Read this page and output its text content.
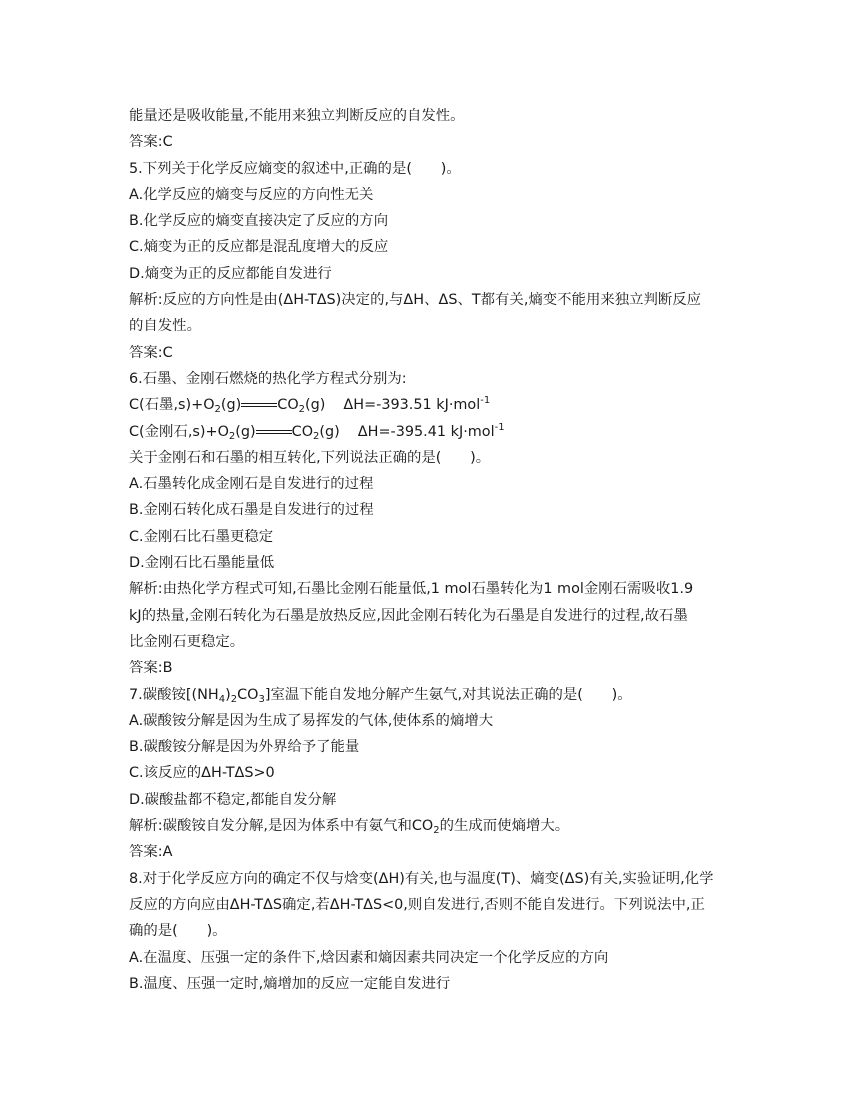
能量还是吸收能量,不能用来独立判断反应的自发性。
答案:C
5.下列关于化学反应熵变的叙述中,正确的是(　　)。
A.化学反应的熵变与反应的方向性无关
B.化学反应的熵变直接决定了反应的方向
C.熵变为正的反应都是混乱度增大的反应
D.熵变为正的反应都能自发进行
解析:反应的方向性是由(ΔH-TΔS)决定的,与ΔH、ΔS、T都有关,熵变不能用来独立判断反应
的自发性。
答案:C
6.石墨、金刚石燃烧的热化学方程式分别为:
C(石墨$,s)+O_2(g)$	$CO_2(g)$ ΔH=-393.51 kJ·mol$^{-1}$
C(金刚石$,s)+O_2(g)$	$CO_2(g)$ ΔH=-395.41 kJ·mol$^{-1}$
关于金刚石和石墨的相互转化,下列说法正确的是(　　)。
A.石墨转化成金刚石是自发进行的过程
B.金刚石转化成石墨是自发进行的过程
C.金刚石比石墨更稳定
D.金刚石比石墨能量低
解析:由热化学方程式可知,石墨比金刚石能量低,1 mol石墨转化为1 mol金刚石需吸收1.9
kJ的热量,金刚石转化为石墨是放热反应,因此金刚石转化为石墨是自发进行的过程,故石墨
比金刚石更稳定。
答案:B
7.碳酸铵$[(NH_4)_2CO_3]$室温下能自发地分解产生氨气,对其说法正确的是(　　)。
A.碳酸铵分解是因为生成了易挥发的气体,使体系的熵增大
B.碳酸铵分解是因为外界给予了能量
C.该反应的ΔH-TΔS>0
D.碳酸盐都不稳定,都能自发分解
解析:碳酸铵自发分解,是因为体系中有氨气和$CO_2$的生成而使熵增大。
答案:A
8.对于化学反应方向的确定不仅与焓变(ΔH)有关,也与温度(T)、熵变(ΔS)有关,实验证明,化学
反应的方向应由ΔH-TΔS确定,若ΔH-TΔS<0,则自发进行,否则不能自发进行。下列说法中,正
确的是(　　)。
A.在温度、压强一定的条件下,焓因素和熵因素共同决定一个化学反应的方向
B.温度、压强一定时,熵增加的反应一定能自发进行
